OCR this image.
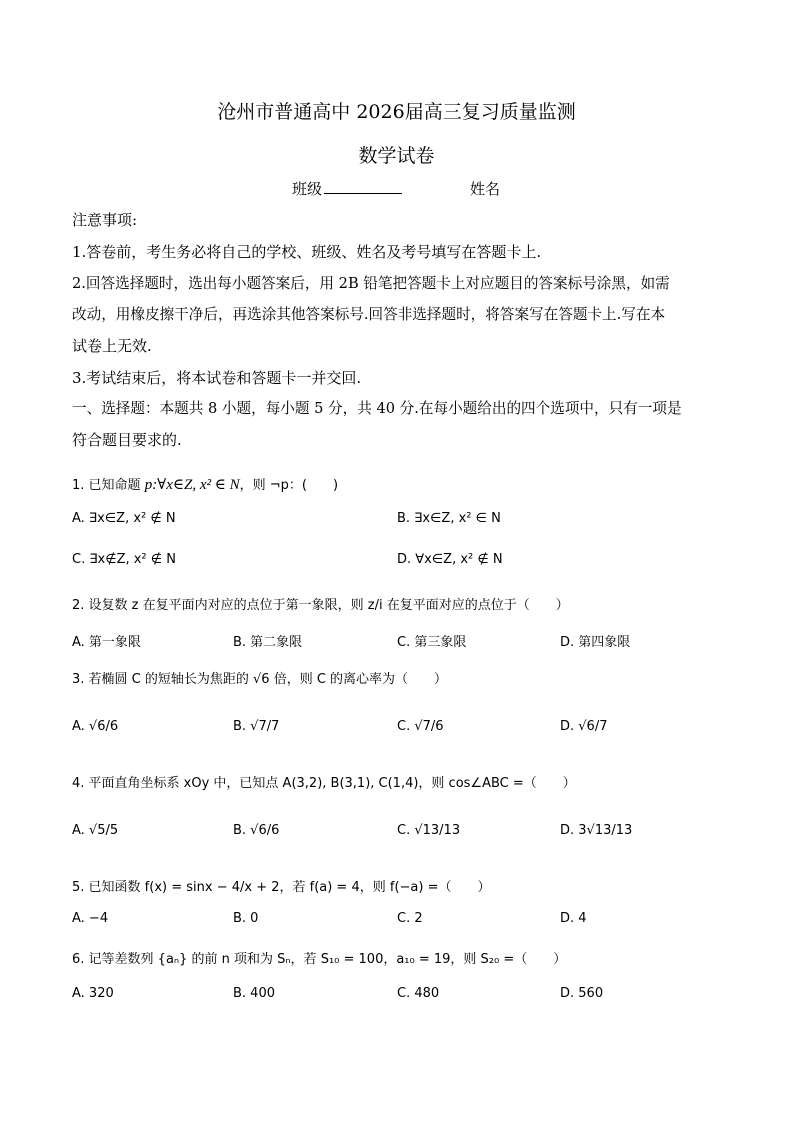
沧州市普通高中 2026届高三复习质量监测
数学试卷
班级	姓名
注意事项:
1.答卷前，考生务必将自己的学校、班级、姓名及考号填写在答题卡上.
2.回答选择题时，选出每小题答案后，用 2B 铅笔把答题卡上对应题目的答案标号涂黑，如需
改动，用橡皮擦干净后，再选涂其他答案标号.回答非选择题时，将答案写在答题卡上.写在本
试卷上无效.
3.考试结束后，将本试卷和答题卡一并交回.
一、选择题：本题共 8 小题，每小题 5 分，共 40 分.在每小题给出的四个选项中，只有一项是
符合题目要求的.
1. 已知命题 p:∀x∈Z, x² ∈ N，则 ¬p：(　　)
A. ∃x∈Z, x² ∉ N	B. ∃x∈Z, x² ∈ N
C. ∃x∉Z, x² ∉ N	D. ∀x∈Z, x² ∉ N
2. 设复数 z 在复平面内对应的点位于第一象限，则 z/i 在复平面对应的点位于（　　）
A. 第一象限	B. 第二象限	C. 第三象限	D. 第四象限
3. 若椭圆 C 的短轴长为焦距的 √6 倍，则 C 的离心率为（　　）
A. √6/6	B. √7/7	C. √7/6	D. √6/7
4. 平面直角坐标系 xOy 中，已知点 A(3,2), B(3,1), C(1,4)，则 cos∠ABC =（　　）
A. √5/5	B. √6/6	C. √13/13	D. 3√13/13
5. 已知函数 f(x) = sinx − 4/x + 2，若 f(a) = 4，则 f(−a) =（　　）
A. −4	B. 0	C. 2	D. 4
6. 记等差数列 {aₙ} 的前 n 项和为 Sₙ，若 S₁₀ = 100，a₁₀ = 19，则 S₂₀ =（　　）
A. 320	B. 400	C. 480	D. 560
